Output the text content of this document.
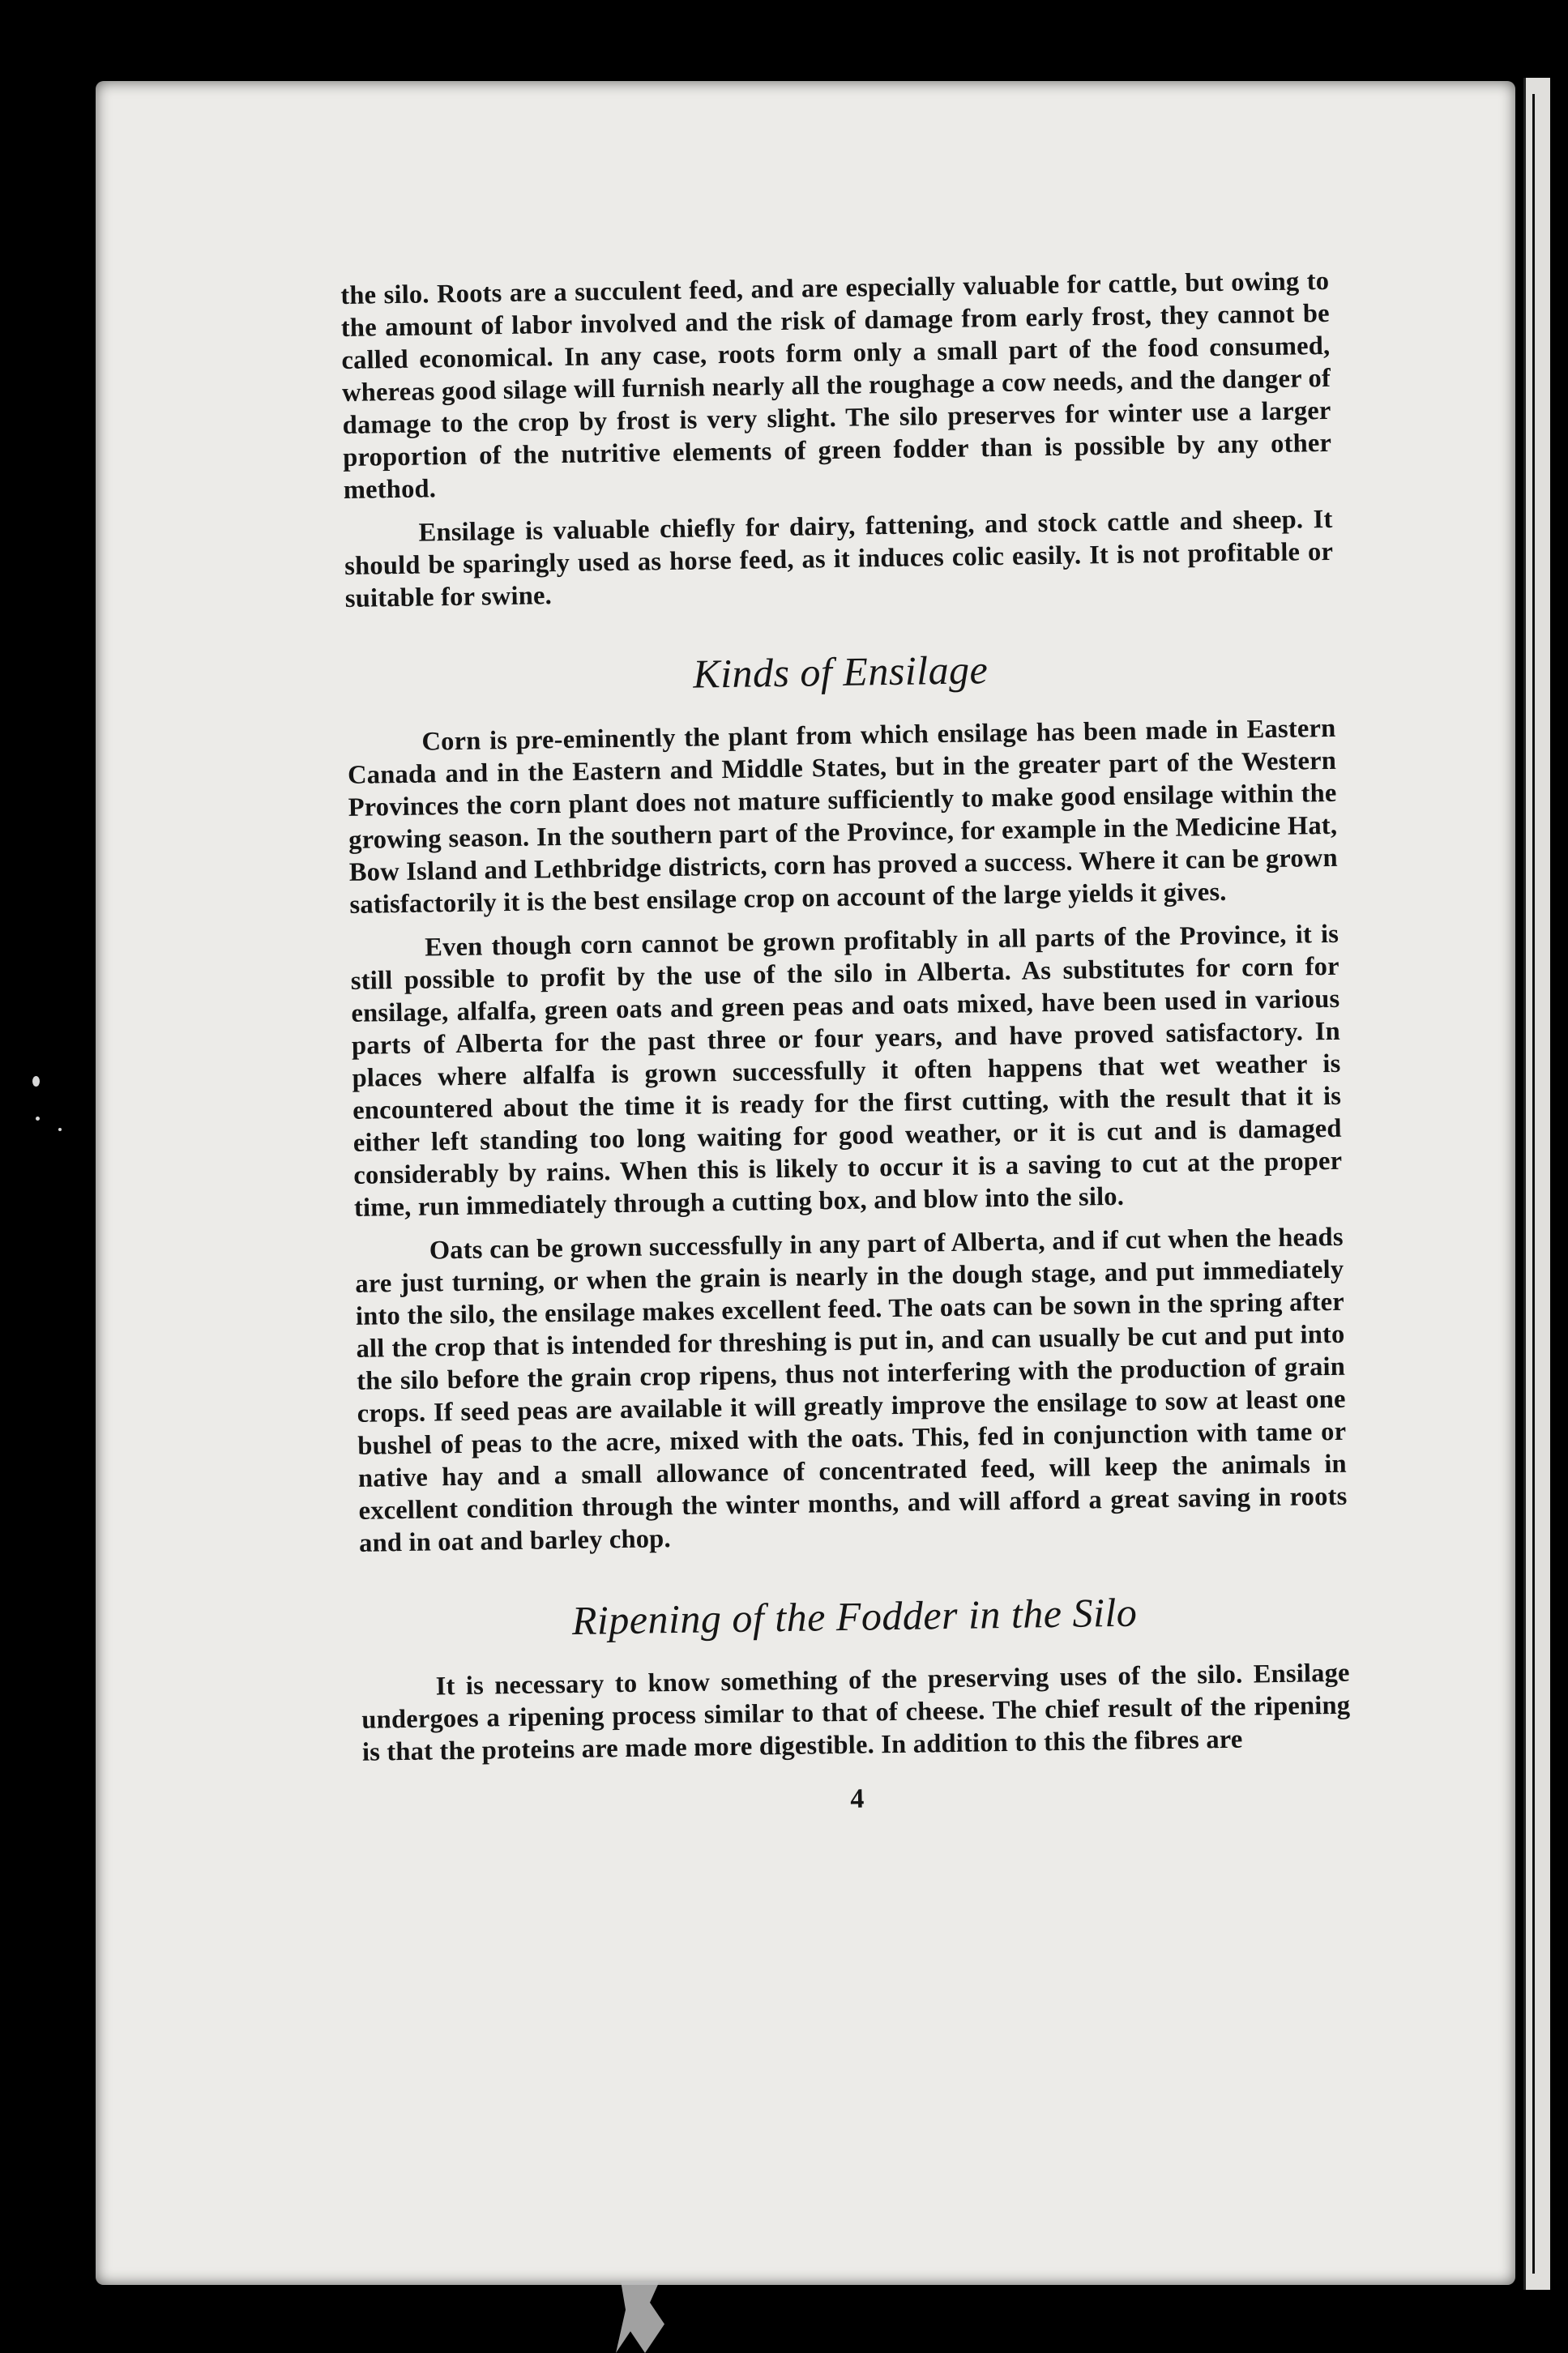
the silo. Roots are a succulent feed, and are especially valuable for cattle, but owing to the amount of labor involved and the risk of damage from early frost, they cannot be called economical. In any case, roots form only a small part of the food consumed, whereas good silage will furnish nearly all the roughage a cow needs, and the danger of damage to the crop by frost is very slight. The silo preserves for winter use a larger proportion of the nutritive elements of green fodder than is possible by any other method.

Ensilage is valuable chiefly for dairy, fattening, and stock cattle and sheep. It should be sparingly used as horse feed, as it induces colic easily. It is not profitable or suitable for swine.

Kinds of Ensilage

Corn is pre-eminently the plant from which ensilage has been made in Eastern Canada and in the Eastern and Middle States, but in the greater part of the Western Provinces the corn plant does not mature sufficiently to make good ensilage within the growing season. In the southern part of the Province, for example in the Medicine Hat, Bow Island and Lethbridge districts, corn has proved a success. Where it can be grown satisfactorily it is the best ensilage crop on account of the large yields it gives.

Even though corn cannot be grown profitably in all parts of the Province, it is still possible to profit by the use of the silo in Alberta. As substitutes for corn for ensilage, alfalfa, green oats and green peas and oats mixed, have been used in various parts of Alberta for the past three or four years, and have proved satisfactory. In places where alfalfa is grown successfully it often happens that wet weather is encountered about the time it is ready for the first cutting, with the result that it is either left standing too long waiting for good weather, or it is cut and is damaged considerably by rains. When this is likely to occur it is a saving to cut at the proper time, run immediately through a cutting box, and blow into the silo.

Oats can be grown successfully in any part of Alberta, and if cut when the heads are just turning, or when the grain is nearly in the dough stage, and put immediately into the silo, the ensilage makes excellent feed. The oats can be sown in the spring after all the crop that is intended for threshing is put in, and can usually be cut and put into the silo before the grain crop ripens, thus not interfering with the production of grain crops. If seed peas are available it will greatly improve the ensilage to sow at least one bushel of peas to the acre, mixed with the oats. This, fed in conjunction with tame or native hay and a small allowance of concentrated feed, will keep the animals in excellent condition through the winter months, and will afford a great saving in roots and in oat and barley chop.

Ripening of the Fodder in the Silo

It is necessary to know something of the preserving uses of the silo. Ensilage undergoes a ripening process similar to that of cheese. The chief result of the ripening is that the proteins are made more digestible. In addition to this the fibres are

4
